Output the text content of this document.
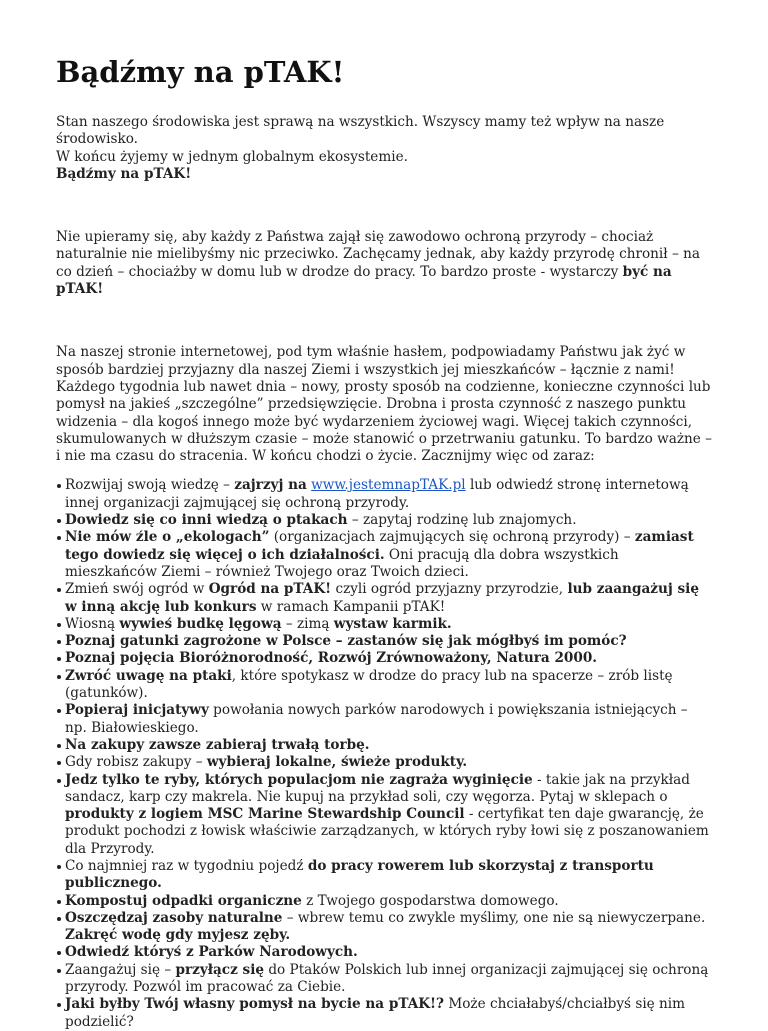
Bądźmy na pTAK!

Stan naszego środowiska jest sprawą na wszystkich. Wszyscy mamy też wpływ na nasze środowisko.
W końcu żyjemy w jednym globalnym ekosystemie.
Bądźmy na pTAK!

Nie upieramy się, aby każdy z Państwa zajął się zawodowo ochroną przyrody – chociaż naturalnie nie mielibyśmy nic przeciwko. Zachęcamy jednak, aby każdy przyrodę chronił – na co dzień – chociażby w domu lub w drodze do pracy. To bardzo proste - wystarczy być na pTAK!

Na naszej stronie internetowej, pod tym właśnie hasłem, podpowiadamy Państwu jak żyć w sposób bardziej przyjazny dla naszej Ziemi i wszystkich jej mieszkańców – łącznie z nami! Każdego tygodnia lub nawet dnia – nowy, prosty sposób na codzienne, konieczne czynności lub pomysł na jakieś „szczególne” przedsięwzięcie. Drobna i prosta czynność z naszego punktu widzenia – dla kogoś innego może być wydarzeniem życiowej wagi. Więcej takich czynności, skumulowanych w dłuższym czasie – może stanowić o przetrwaniu gatunku. To bardzo ważne – i nie ma czasu do stracenia. W końcu chodzi o życie. Zacznijmy więc od zaraz:

Rozwijaj swoją wiedzę – zajrzyj na www.jestemnapTAK.pl lub odwiedź stronę internetową innej organizacji zajmującej się ochroną przyrody.
Dowiedz się co inni wiedzą o ptakach – zapytaj rodzinę lub znajomych.
Nie mów źle o „ekologach” (organizacjach zajmujących się ochroną przyrody) – zamiast tego dowiedz się więcej o ich działalności. Oni pracują dla dobra wszystkich mieszkańców Ziemi – również Twojego oraz Twoich dzieci.
Zmień swój ogród w Ogród na pTAK! czyli ogród przyjazny przyrodzie, lub zaangażuj się w inną akcję lub konkurs w ramach Kampanii pTAK!
Wiosną wywieś budkę lęgową – zimą wystaw karmik.
Poznaj gatunki zagrożone w Polsce – zastanów się jak mógłbyś im pomóc?
Poznaj pojęcia Bioróżnorodność, Rozwój Zrównoważony, Natura 2000.
Zwróć uwagę na ptaki, które spotykasz w drodze do pracy lub na spacerze – zrób listę (gatunków).
Popieraj inicjatywy powołania nowych parków narodowych i powiększania istniejących – np. Białowieskiego.
Na zakupy zawsze zabieraj trwałą torbę.
Gdy robisz zakupy – wybieraj lokalne, świeże produkty.
Jedz tylko te ryby, których populacjom nie zagraża wyginięcie - takie jak na przykład sandacz, karp czy makrela. Nie kupuj na przykład soli, czy węgorza. Pytaj w sklepach o produkty z logiem MSC Marine Stewardship Council - certyfikat ten daje gwarancję, że produkt pochodzi z łowisk właściwie zarządzanych, w których ryby łowi się z poszanowaniem dla Przyrody.
Co najmniej raz w tygodniu pojedź do pracy rowerem lub skorzystaj z transportu publicznego.
Kompostuj odpadki organiczne z Twojego gospodarstwa domowego.
Oszczędzaj zasoby naturalne – wbrew temu co zwykle myślimy, one nie są niewyczerpane. Zakręć wodę gdy myjesz zęby.
Odwiedź któryś z Parków Narodowych.
Zaangażuj się – przyłącz się do Ptaków Polskich lub innej organizacji zajmującej się ochroną przyrody. Pozwól im pracować za Ciebie.
Jaki byłby Twój własny pomysł na bycie na pTAK!? Może chciałabyś/chciałbyś się nim podzielić?
